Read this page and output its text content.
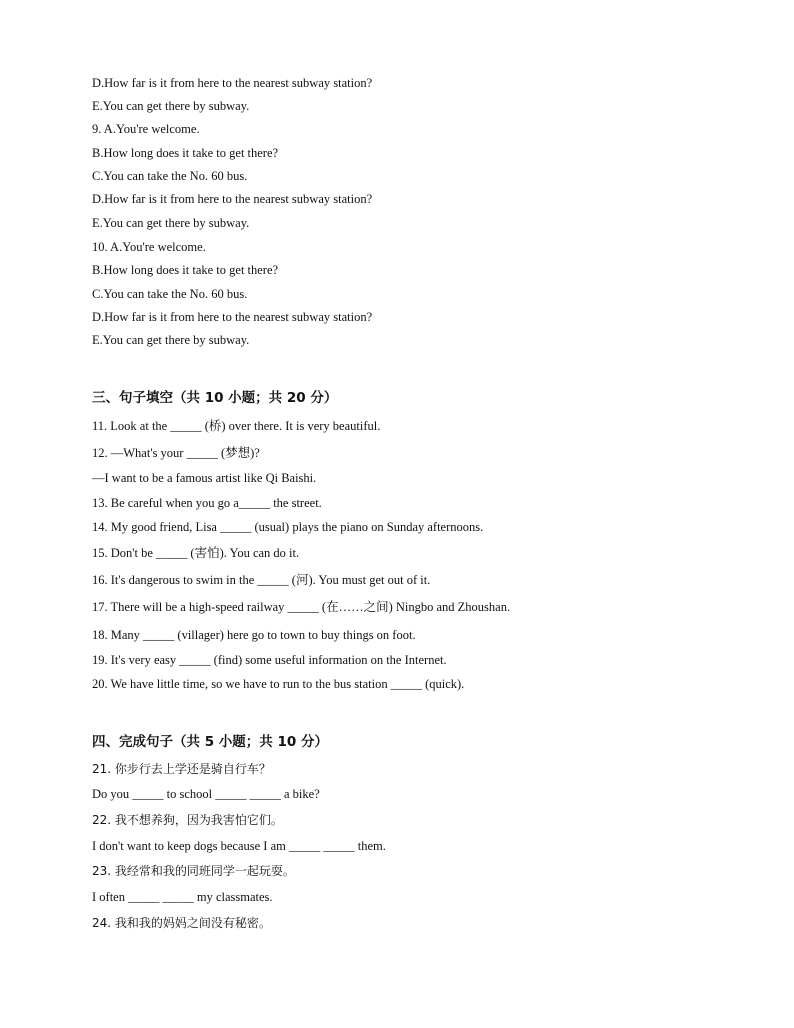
D.How far is it from here to the nearest subway station?
E.You can get there by subway.
9. A.You're welcome.
B.How long does it take to get there?
C.You can take the No. 60 bus.
D.How far is it from here to the nearest subway station?
E.You can get there by subway.
10. A.You're welcome.
B.How long does it take to get there?
C.You can take the No. 60 bus.
D.How far is it from here to the nearest subway station?
E.You can get there by subway.
三、句子填空（共 10 小题；共 20 分）
11. Look at the _____ (桥) over there. It is very beautiful.
12. —What's your _____ (梦想)?
—I want to be a famous artist like Qi Baishi.
13. Be careful when you go a_____ the street.
14. My good friend, Lisa _____ (usual) plays the piano on Sunday afternoons.
15. Don't be _____ (害怕). You can do it.
16. It's dangerous to swim in the _____ (河). You must get out of it.
17. There will be a high-speed railway _____ (在……之间) Ningbo and Zhoushan.
18. Many _____ (villager) here go to town to buy things on foot.
19. It's very easy _____ (find) some useful information on the Internet.
20. We have little time, so we have to run to the bus station _____ (quick).
四、完成句子（共 5 小题；共 10 分）
21. 你步行去上学还是骑自行车？
Do you _____ to school _____ _____ a bike?
22. 我不想养狗，因为我害怕它们。
I don't want to keep dogs because I am _____ _____ them.
23. 我经常和我的同班同学一起玩耍。
I often _____ _____ my classmates.
24. 我和我的妈妈之间没有秘密。
